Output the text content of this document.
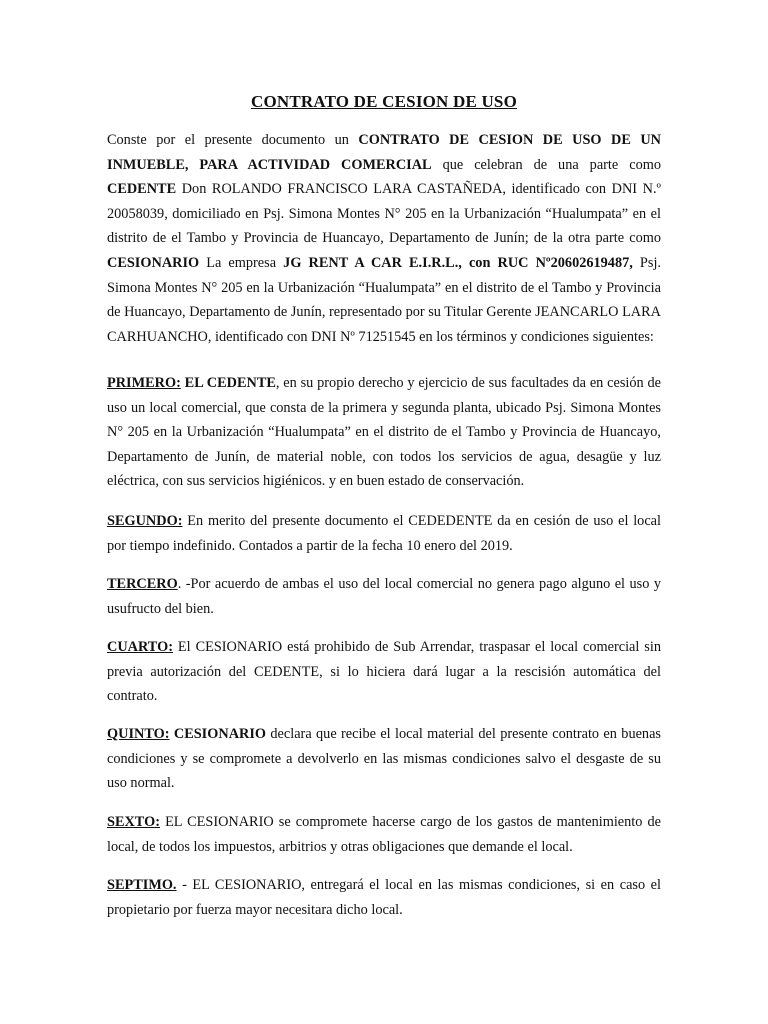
CONTRATO DE CESION DE USO

Conste por el presente documento un CONTRATO DE CESION DE USO DE UN INMUEBLE, PARA ACTIVIDAD COMERCIAL que celebran de una parte como CEDENTE Don ROLANDO FRANCISCO LARA CASTAÑEDA, identificado con DNI N.º 20058039, domiciliado en Psj. Simona Montes N° 205 en la Urbanización “Hualumpata” en el distrito de el Tambo y Provincia de Huancayo, Departamento de Junín; de la otra parte como CESIONARIO La empresa JG RENT A CAR E.I.R.L., con RUC Nº20602619487, Psj. Simona Montes N° 205 en la Urbanización “Hualumpata” en el distrito de el Tambo y Provincia de Huancayo, Departamento de Junín, representado por su Titular Gerente JEANCARLO LARA CARHUANCHO, identificado con DNI Nº 71251545 en los términos y condiciones siguientes:

PRIMERO: EL CEDENTE, en su propio derecho y ejercicio de sus facultades da en cesión de uso un local comercial, que consta de la primera y segunda planta, ubicado Psj. Simona Montes N° 205 en la Urbanización “Hualumpata” en el distrito de el Tambo y Provincia de Huancayo, Departamento de Junín, de material noble, con todos los servicios de agua, desagüe y luz eléctrica, con sus servicios higiénicos. y en buen estado de conservación.

SEGUNDO: En merito del presente documento el CEDEDENTE da en cesión de uso el local por tiempo indefinido. Contados a partir de la fecha 10 enero del 2019.

TERCERO. -Por acuerdo de ambas el uso del local comercial no genera pago alguno el uso y usufructo del bien.

CUARTO: El CESIONARIO está prohibido de Sub Arrendar, traspasar el local comercial sin previa autorización del CEDENTE, si lo hiciera dará lugar a la rescisión automática del contrato.

QUINTO: CESIONARIO declara que recibe el local material del presente contrato en buenas condiciones y se compromete a devolverlo en las mismas condiciones salvo el desgaste de su uso normal.

SEXTO: EL CESIONARIO se compromete hacerse cargo de los gastos de mantenimiento de local, de todos los impuestos, arbitrios y otras obligaciones que demande el local.

SEPTIMO. - EL CESIONARIO, entregará el local en las mismas condiciones, si en caso el propietario por fuerza mayor necesitara dicho local.
